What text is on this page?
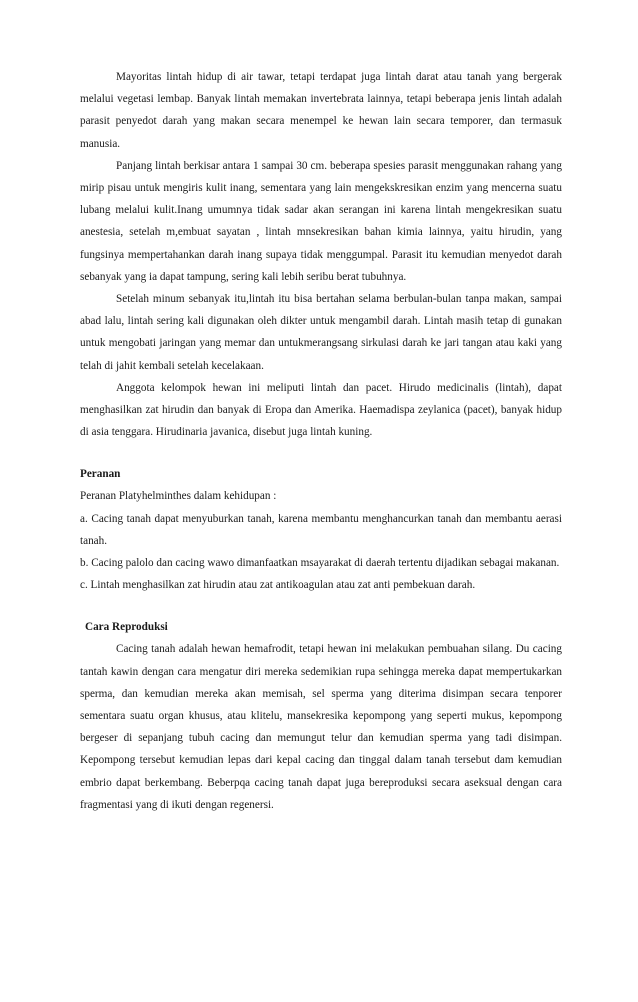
Mayoritas lintah hidup di air tawar, tetapi terdapat juga lintah darat atau tanah yang bergerak melalui vegetasi lembap. Banyak lintah memakan invertebrata lainnya, tetapi beberapa jenis lintah adalah parasit penyedot darah yang makan secara menempel ke hewan lain secara temporer, dan termasuk manusia.

Panjang lintah berkisar antara 1 sampai 30 cm. beberapa spesies parasit menggunakan rahang yang mirip pisau untuk mengiris kulit inang, sementara yang lain mengekskresikan enzim yang mencerna suatu lubang melalui kulit.Inang umumnya tidak sadar akan serangan ini karena lintah mengekresikan suatu anestesia, setelah m,embuat sayatan , lintah mnsekresikan bahan kimia lainnya, yaitu hirudin, yang fungsinya mempertahankan darah inang supaya tidak menggumpal. Parasit itu kemudian menyedot darah sebanyak yang ia dapat tampung, sering kali lebih seribu berat tubuhnya.

Setelah minum sebanyak itu,lintah itu bisa bertahan selama berbulan-bulan tanpa makan, sampai abad lalu, lintah sering kali digunakan oleh dikter untuk mengambil darah. Lintah masih tetap di gunakan untuk mengobati jaringan yang memar dan untukmerangsang sirkulasi darah ke jari tangan atau kaki yang telah di jahit kembali setelah kecelakaan.

Anggota kelompok hewan ini meliputi lintah dan pacet. Hirudo medicinalis (lintah), dapat menghasilkan zat hirudin dan banyak di Eropa dan Amerika. Haemadispa zeylanica (pacet), banyak hidup di asia tenggara. Hirudinaria javanica, disebut juga lintah kuning.

Peranan

Peranan Platyhelminthes dalam kehidupan :

a. Cacing tanah dapat menyuburkan tanah, karena membantu menghancurkan tanah dan membantu aerasi tanah.

b. Cacing palolo dan cacing wawo dimanfaatkan msayarakat di daerah tertentu dijadikan sebagai makanan.

c. Lintah menghasilkan zat hirudin atau zat antikoagulan atau zat anti pembekuan darah.

Cara Reproduksi

Cacing tanah adalah hewan hemafrodit, tetapi hewan ini melakukan pembuahan silang. Du cacing tantah kawin dengan cara mengatur diri mereka sedemikian rupa sehingga mereka dapat mempertukarkan sperma, dan kemudian mereka akan memisah, sel sperma yang diterima disimpan secara tenporer sementara suatu organ khusus, atau klitelu, mansekresika kepompong yang seperti mukus, kepompong bergeser di sepanjang tubuh cacing dan memungut telur dan kemudian sperma yang tadi disimpan. Kepompong tersebut kemudian lepas dari kepal cacing dan tinggal dalam tanah tersebut dam kemudian embrio dapat berkembang. Beberpqa cacing tanah dapat juga bereproduksi secara aseksual dengan cara fragmentasi yang di ikuti dengan regenersi.
